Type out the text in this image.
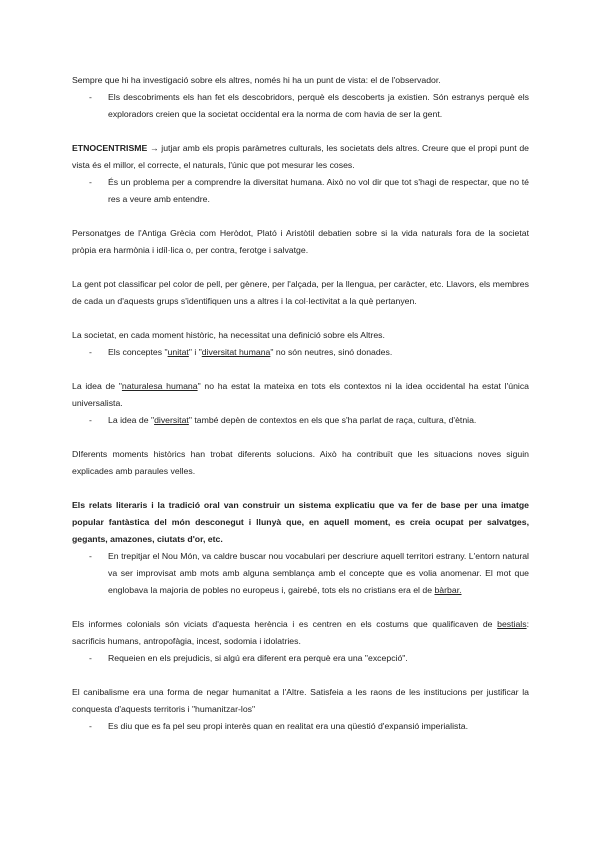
Sempre que hi ha investigació sobre els altres, només hi ha un punt de vista: el de l'observador.

- Els descobriments els han fet els descobridors, perquè els descoberts ja existien. Són estranys perquè els exploradors creien que la societat occidental era la norma de com havia de ser la gent.

ETNOCENTRISME → jutjar amb els propis paràmetres culturals, les societats dels altres. Creure que el propi punt de vista és el millor, el correcte, el naturals, l'únic que pot mesurar les coses.

- És un problema per a comprendre la diversitat humana. Això no vol dir que tot s'hagi de respectar, que no té res a veure amb entendre.

Personatges de l'Antiga Grècia com Heròdot, Plató i Aristòtil debatien sobre si la vida naturals fora de la societat pròpia era harmònia i idíl·lica o, per contra, ferotge i salvatge.

La gent pot classificar pel color de pell, per gènere, per l'alçada, per la llengua, per caràcter, etc. Llavors, els membres de cada un d'aquests grups s'identifiquen uns a altres i la col·lectivitat a la què pertanyen.

La societat, en cada moment històric, ha necessitat una definició sobre els Altres.

- Els conceptes "unitat" i "diversitat humana" no són neutres, sinó donades.

La idea de "naturalesa humana" no ha estat la mateixa en tots els contextos ni la idea occidental ha estat l'única universalista.

- La idea de "diversitat" també depèn de contextos en els que s'ha parlat de raça, cultura, d'ètnia.

DIferents moments històrics han trobat diferents solucions. Això ha contribuït que les situacions noves siguin explicades amb paraules velles.

Els relats literaris i la tradició oral van construir un sistema explicatiu que va fer de base per una imatge popular fantàstica del món desconegut i llunyà que, en aquell moment, es creia ocupat per salvatges, gegants, amazones, ciutats d'or, etc.

- En trepitjar el Nou Món, va caldre buscar nou vocabulari per descriure aquell territori estrany. L'entorn natural va ser improvisat amb mots amb alguna semblança amb el concepte que es volia anomenar. El mot que englobava la majoria de pobles no europeus i, gairebé, tots els no cristians era el de bàrbar.

Els informes colonials són viciats d'aquesta herència i es centren en els costums que qualificaven de bestials: sacrificis humans, antropofàgia, incest, sodomia i idolatries.

- Requeien en els prejudicis, si algú era diferent era perquè era una "excepció".

El canibalisme era una forma de negar humanitat a l'Altre. Satisfeia a les raons de les institucions per justificar la conquesta d'aquests territoris i "humanitzar-los"

- Es diu que es fa pel seu propi interès quan en realitat era una qüestió d'expansió imperialista.
